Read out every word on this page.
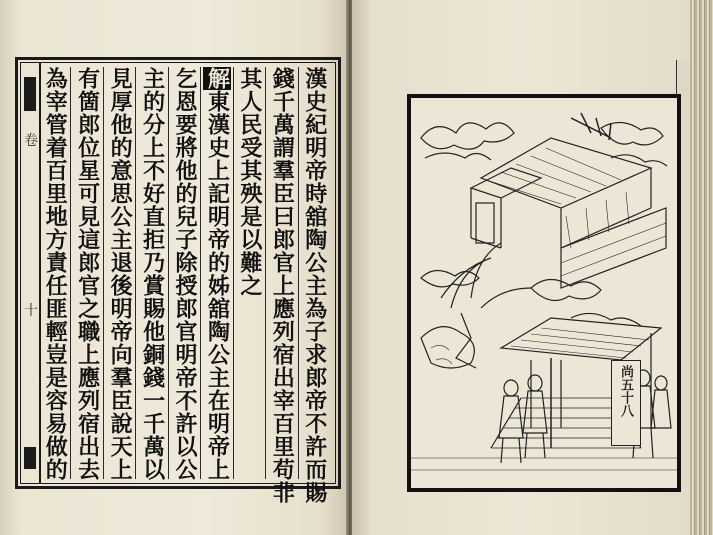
卷
十	漢史紀明帝時舘陶公主為子求郎帝不許而賜
錢千萬謂羣臣曰郎官上應列宿出宰百里苟非
其人民受其殃是以難之
解東漢史上記明帝的姊舘陶公主在明帝上
乞恩要將他的兒子除授郎官明帝不許以公
主的分上不好直拒乃賞賜他銅錢一千萬以
見厚他的意思公主退後明帝向羣臣說天上
有箇郎位星可見這郎官之職上應列宿出去
為宰管着百里地方責任匪輕豈是容易做的	尚五十八
